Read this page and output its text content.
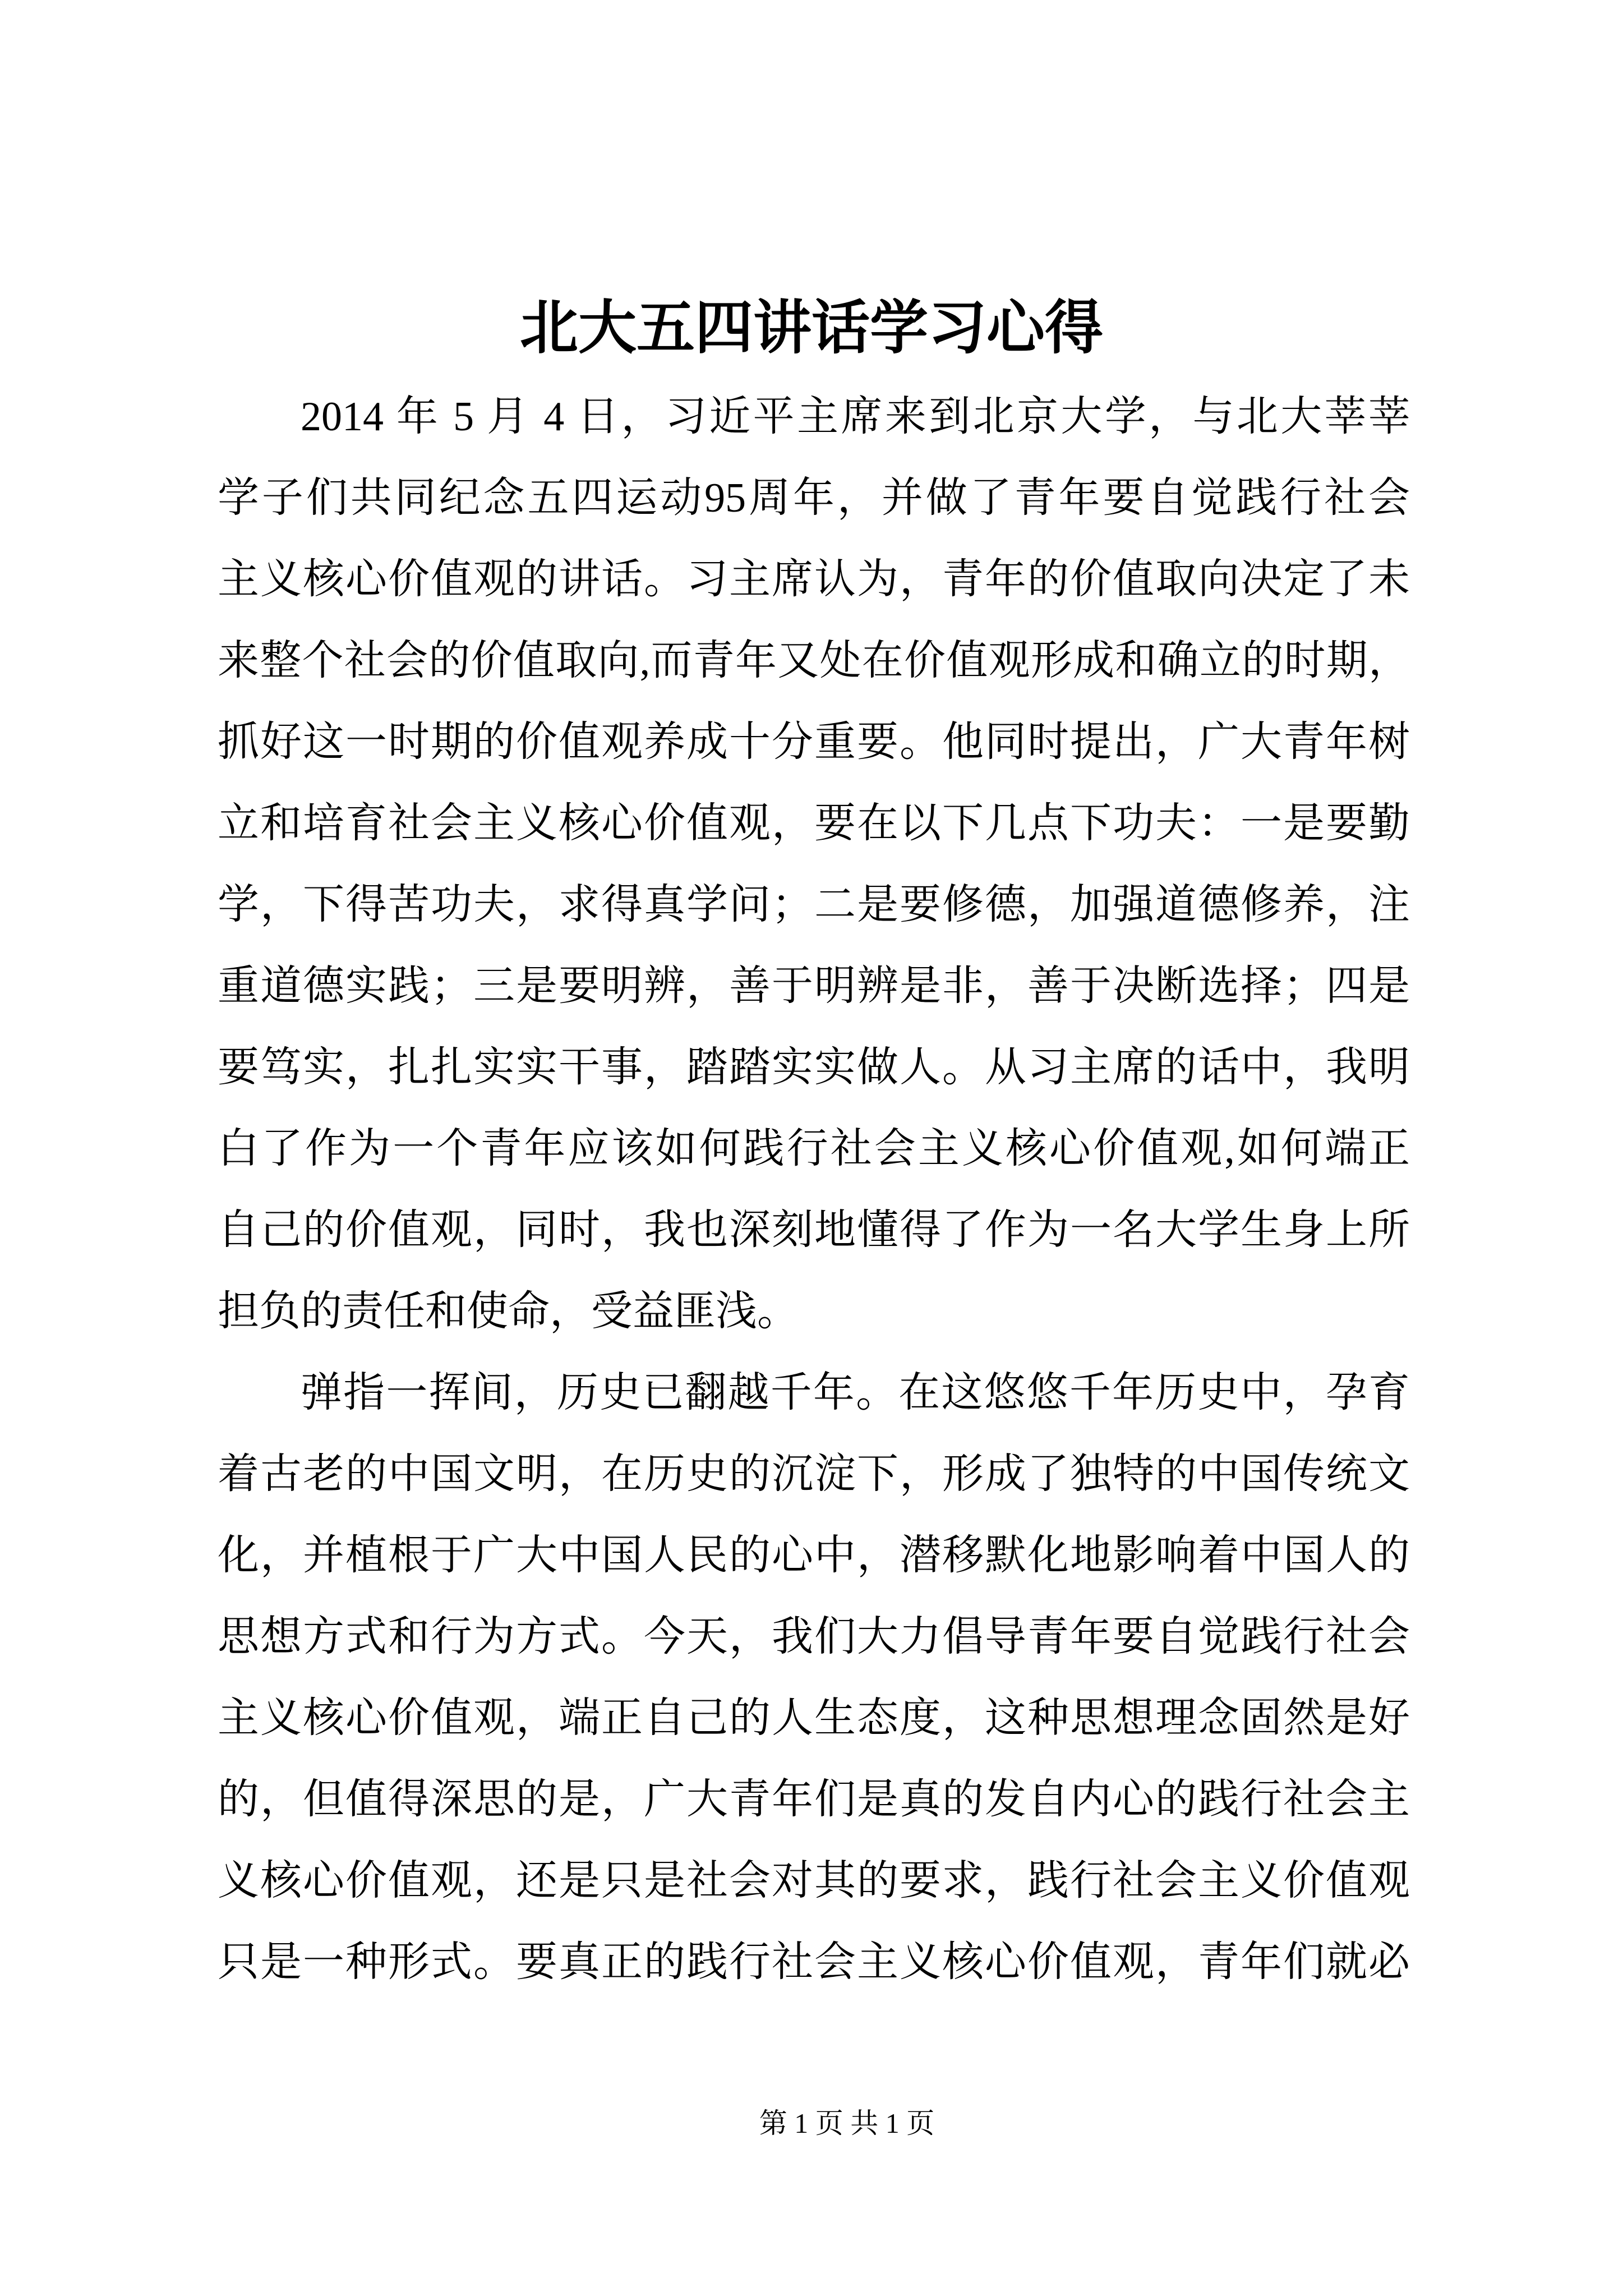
北大五四讲话学习心得
2014 年 5 月 4 日，习近平主席来到北京大学，与北大莘莘
学子们共同纪念五四运动95周年，并做了青年要自觉践行社会
主义核心价值观的讲话。习主席认为，青年的价值取向决定了未
来整个社会的价值取向,而青年又处在价值观形成和确立的时期，
抓好这一时期的价值观养成十分重要。他同时提出，广大青年树
立和培育社会主义核心价值观，要在以下几点下功夫：一是要勤
学，下得苦功夫，求得真学问；二是要修德，加强道德修养，注
重道德实践；三是要明辨，善于明辨是非，善于决断选择；四是
要笃实，扎扎实实干事，踏踏实实做人。从习主席的话中，我明
白了作为一个青年应该如何践行社会主义核心价值观,如何端正
自己的价值观，同时，我也深刻地懂得了作为一名大学生身上所
担负的责任和使命，受益匪浅。
弹指一挥间，历史已翻越千年。在这悠悠千年历史中，孕育
着古老的中国文明，在历史的沉淀下，形成了独特的中国传统文
化，并植根于广大中国人民的心中，潜移默化地影响着中国人的
思想方式和行为方式。今天，我们大力倡导青年要自觉践行社会
主义核心价值观，端正自己的人生态度，这种思想理念固然是好
的，但值得深思的是，广大青年们是真的发自内心的践行社会主
义核心价值观，还是只是社会对其的要求，践行社会主义价值观
只是一种形式。要真正的践行社会主义核心价值观，青年们就必
第 1 页 共 1 页
